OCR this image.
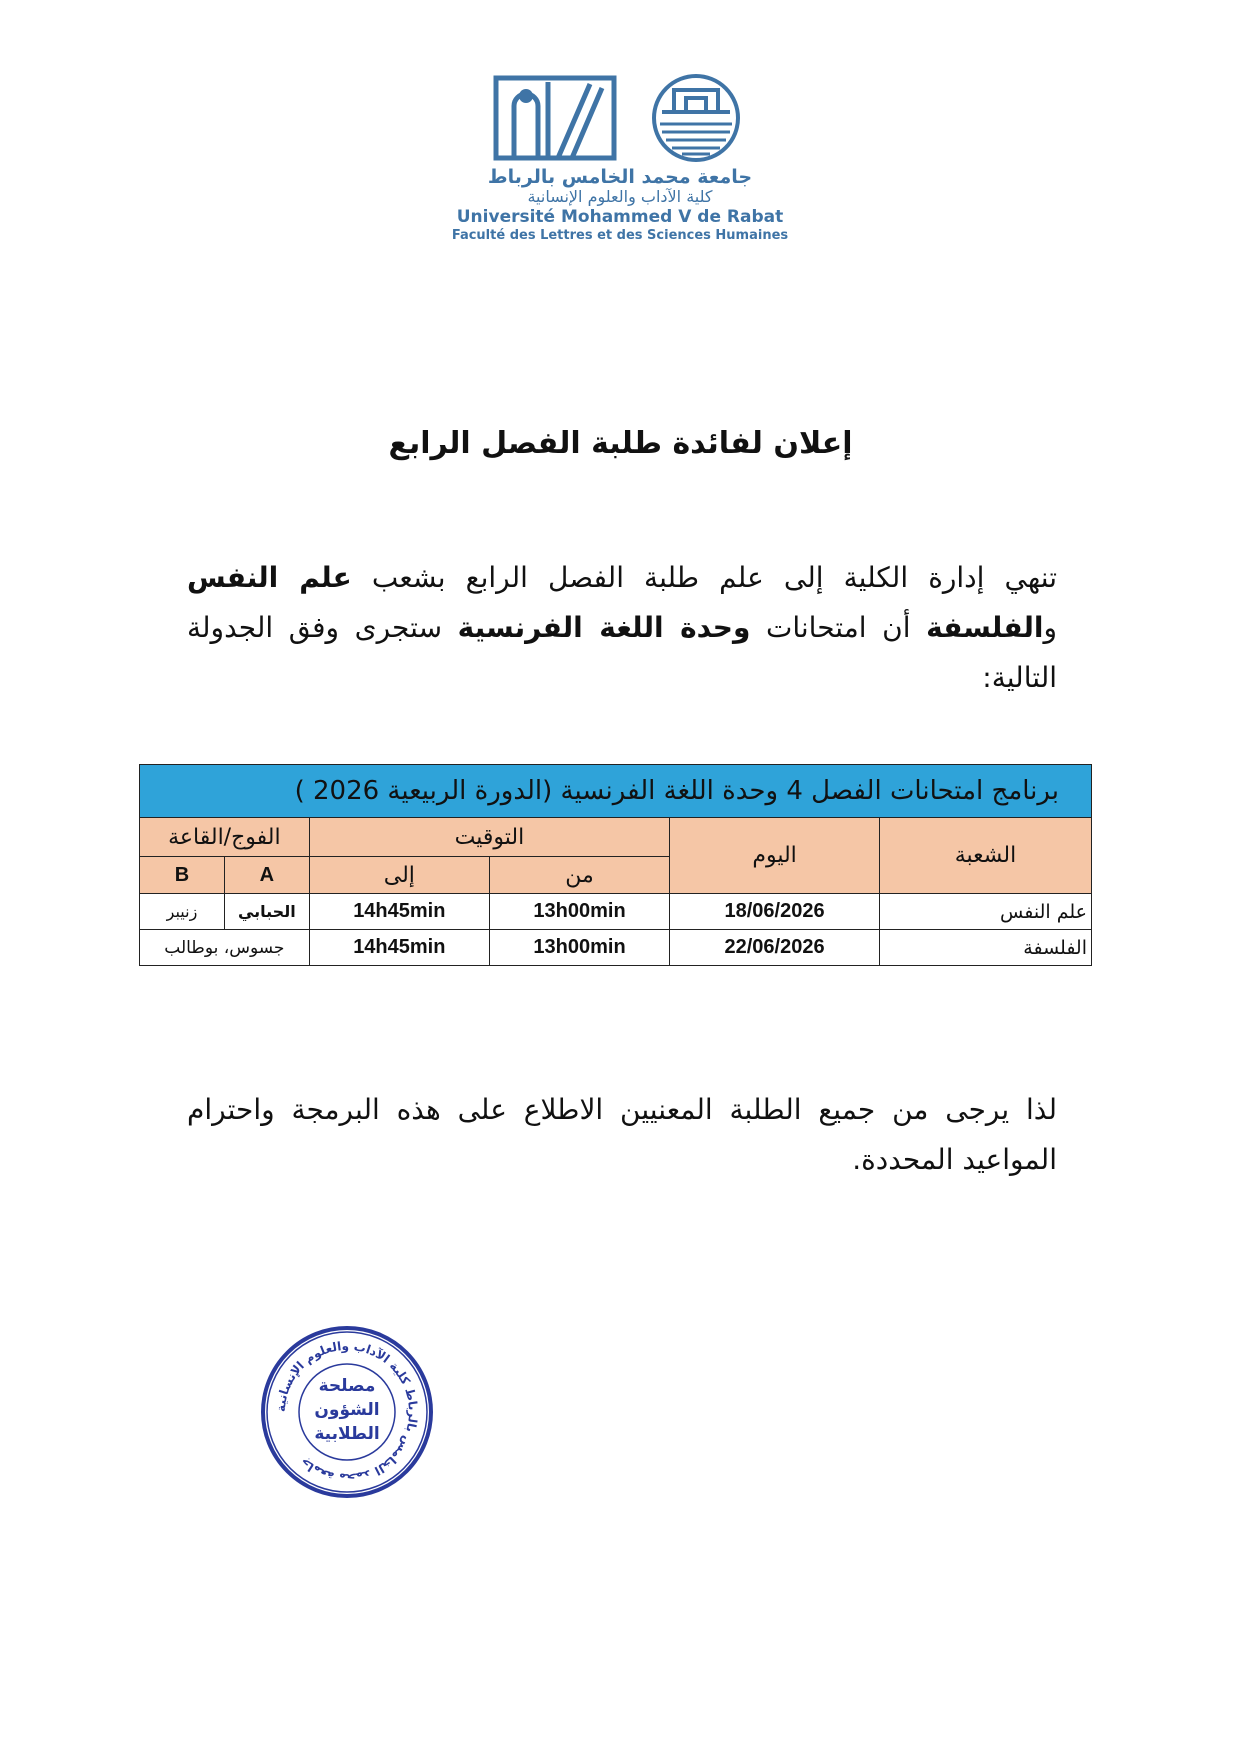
جامعة محمد الخامس بالرباط
كلية الآداب والعلوم الإنسانية
Université Mohammed V de Rabat
Faculté des Lettres et des Sciences Humaines
إعلان لفائدة طلبة الفصل الرابع
تنهي إدارة الكلية إلى علم طلبة الفصل الرابع بشعب علم النفس والفلسفة أن امتحانات وحدة اللغة الفرنسية ستجرى وفق الجدولة التالية:
برنامج امتحانات الفصل 4 وحدة اللغة الفرنسية (الدورة الربيعية 2026 )					
الشعبة	اليوم	التوقيت		الفوج/القاعة	
		من	إلى	A	B
علم النفس	18/06/2026	13h00min	14h45min	الحبابي	زنيبر
الفلسفة	22/06/2026	13h00min	14h45min	جسوس، بوطالب	
لذا يرجى من جميع الطلبة المعنيين الاطلاع على هذه البرمجة واحترام المواعيد المحددة.
جامعة محمد الخامس بالرباط كلية الآداب والعلوم الإنسانية
مصلحة الشؤون الطلابية
